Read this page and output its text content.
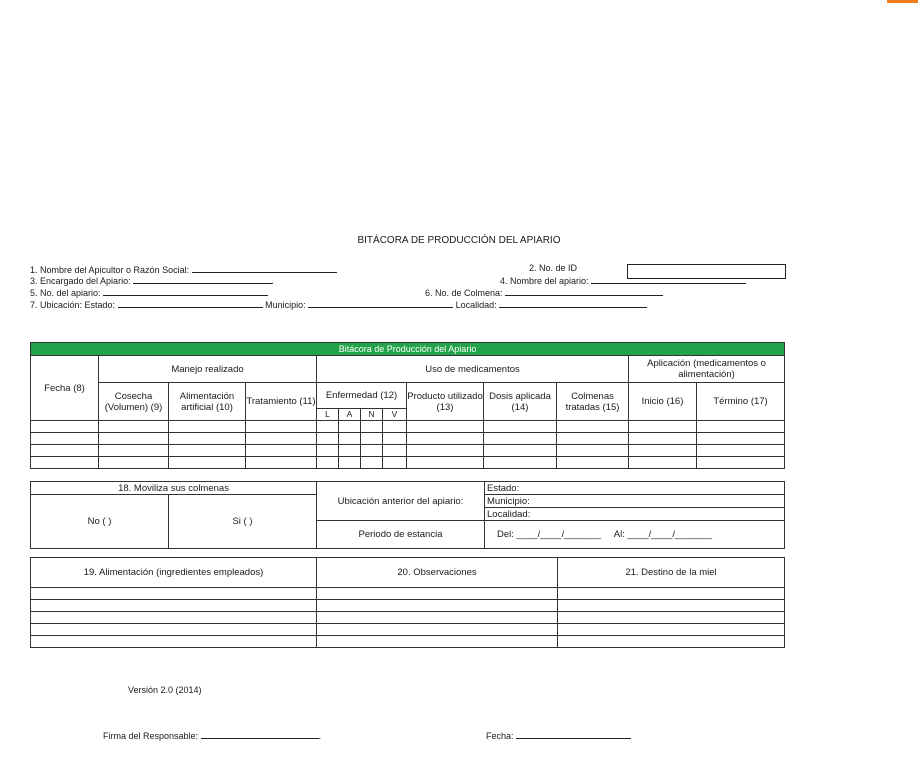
BITÁCORA DE PRODUCCIÓN DEL APIARIO
1. Nombre del Apicultor o Razón Social:	2. No. de ID
3. Encargado del Apiario:	4. Nombre del apiario:
5. No. del apiario:	6. No. de Colmena:
7. Ubicación: Estado:	Municipio:	Localidad:
Bitácora de Producción del Apiario												
Fecha (8)	Manejo realizado			Uso de medicamentos							Aplicación (medicamentos o alimentación)	
	Cosecha (Volumen) (9)	Alimentación artificial (10)	Tratamiento (11)	Enfermedad (12)				Producto utilizado (13)	Dosis aplicada (14)	Colmenas tratadas (15)	Inicio (16)	Término (17)
				L	A	N	V					

18. Moviliza sus colmenas		Ubicación anterior del apiario:	Estado:
No ( )	Si ( )		Municipio:
			Localidad:
		Periodo de estancia	Del: ____/____/_______ Al: ____/____/_______
19. Alimentación (ingredientes empleados)	20. Observaciones	21. Destino de la miel

Versión 2.0 (2014)
Firma del Responsable:	.	Fecha:
